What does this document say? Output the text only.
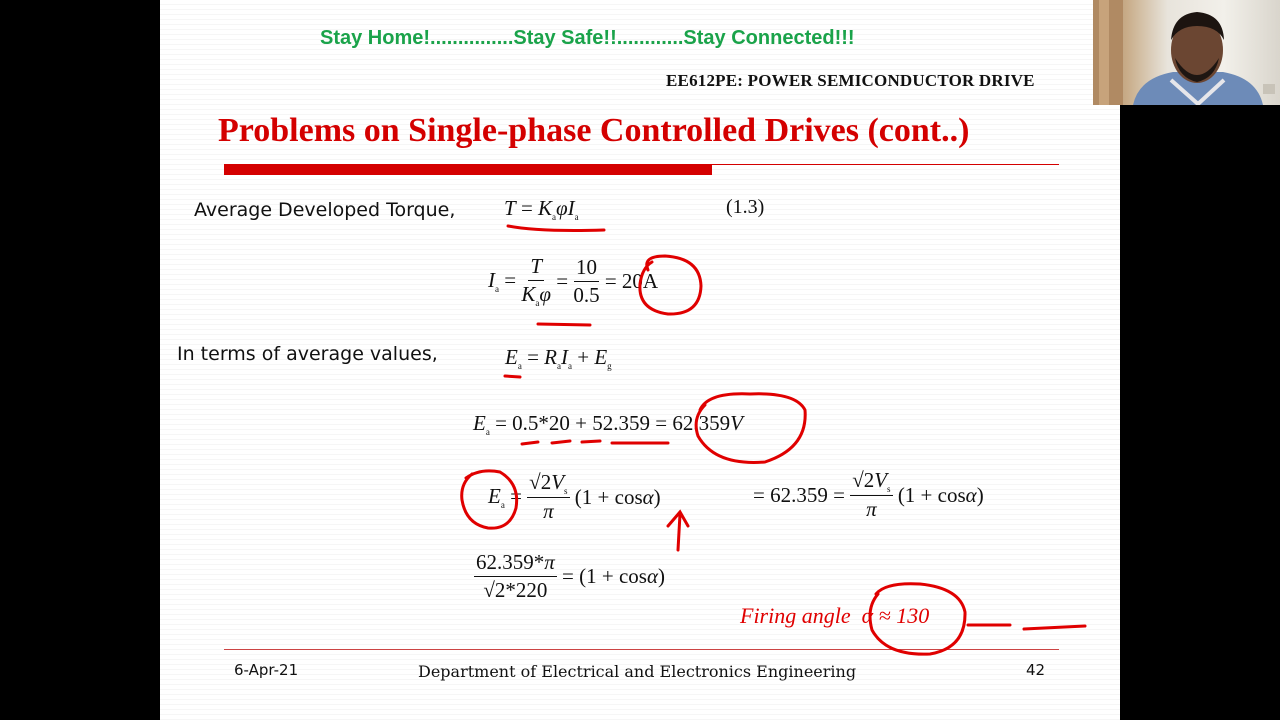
Stay Home!...............Stay Safe!!............Stay Connected!!!
EE612PE: POWER SEMICONDUCTOR DRIVE
Problems on Single-phase Controlled Drives (cont..)
Average Developed Torque, $T = K_a\varphi I_a$	(1.3)
$I_a = \frac{T}{K_a\varphi} = \frac{10}{0.5} = 20A$
In terms of average values,	$E_a = R_aI_a + E_g$
$E_a = 0.5*20 + 52.359 = 62.359V$
$E_a = \frac{√2V_s}{\pi} (1 + \cos\alpha)$	= $62.359 = \frac{√2V_s}{\pi} (1 + \cos\alpha)$
$\frac{62.359*\pi}{√2*220} = (1 + \cos\alpha)$
Firing angle α ≈ 130
6-Apr-21	Department of Electrical and Electronics Engineering	42
